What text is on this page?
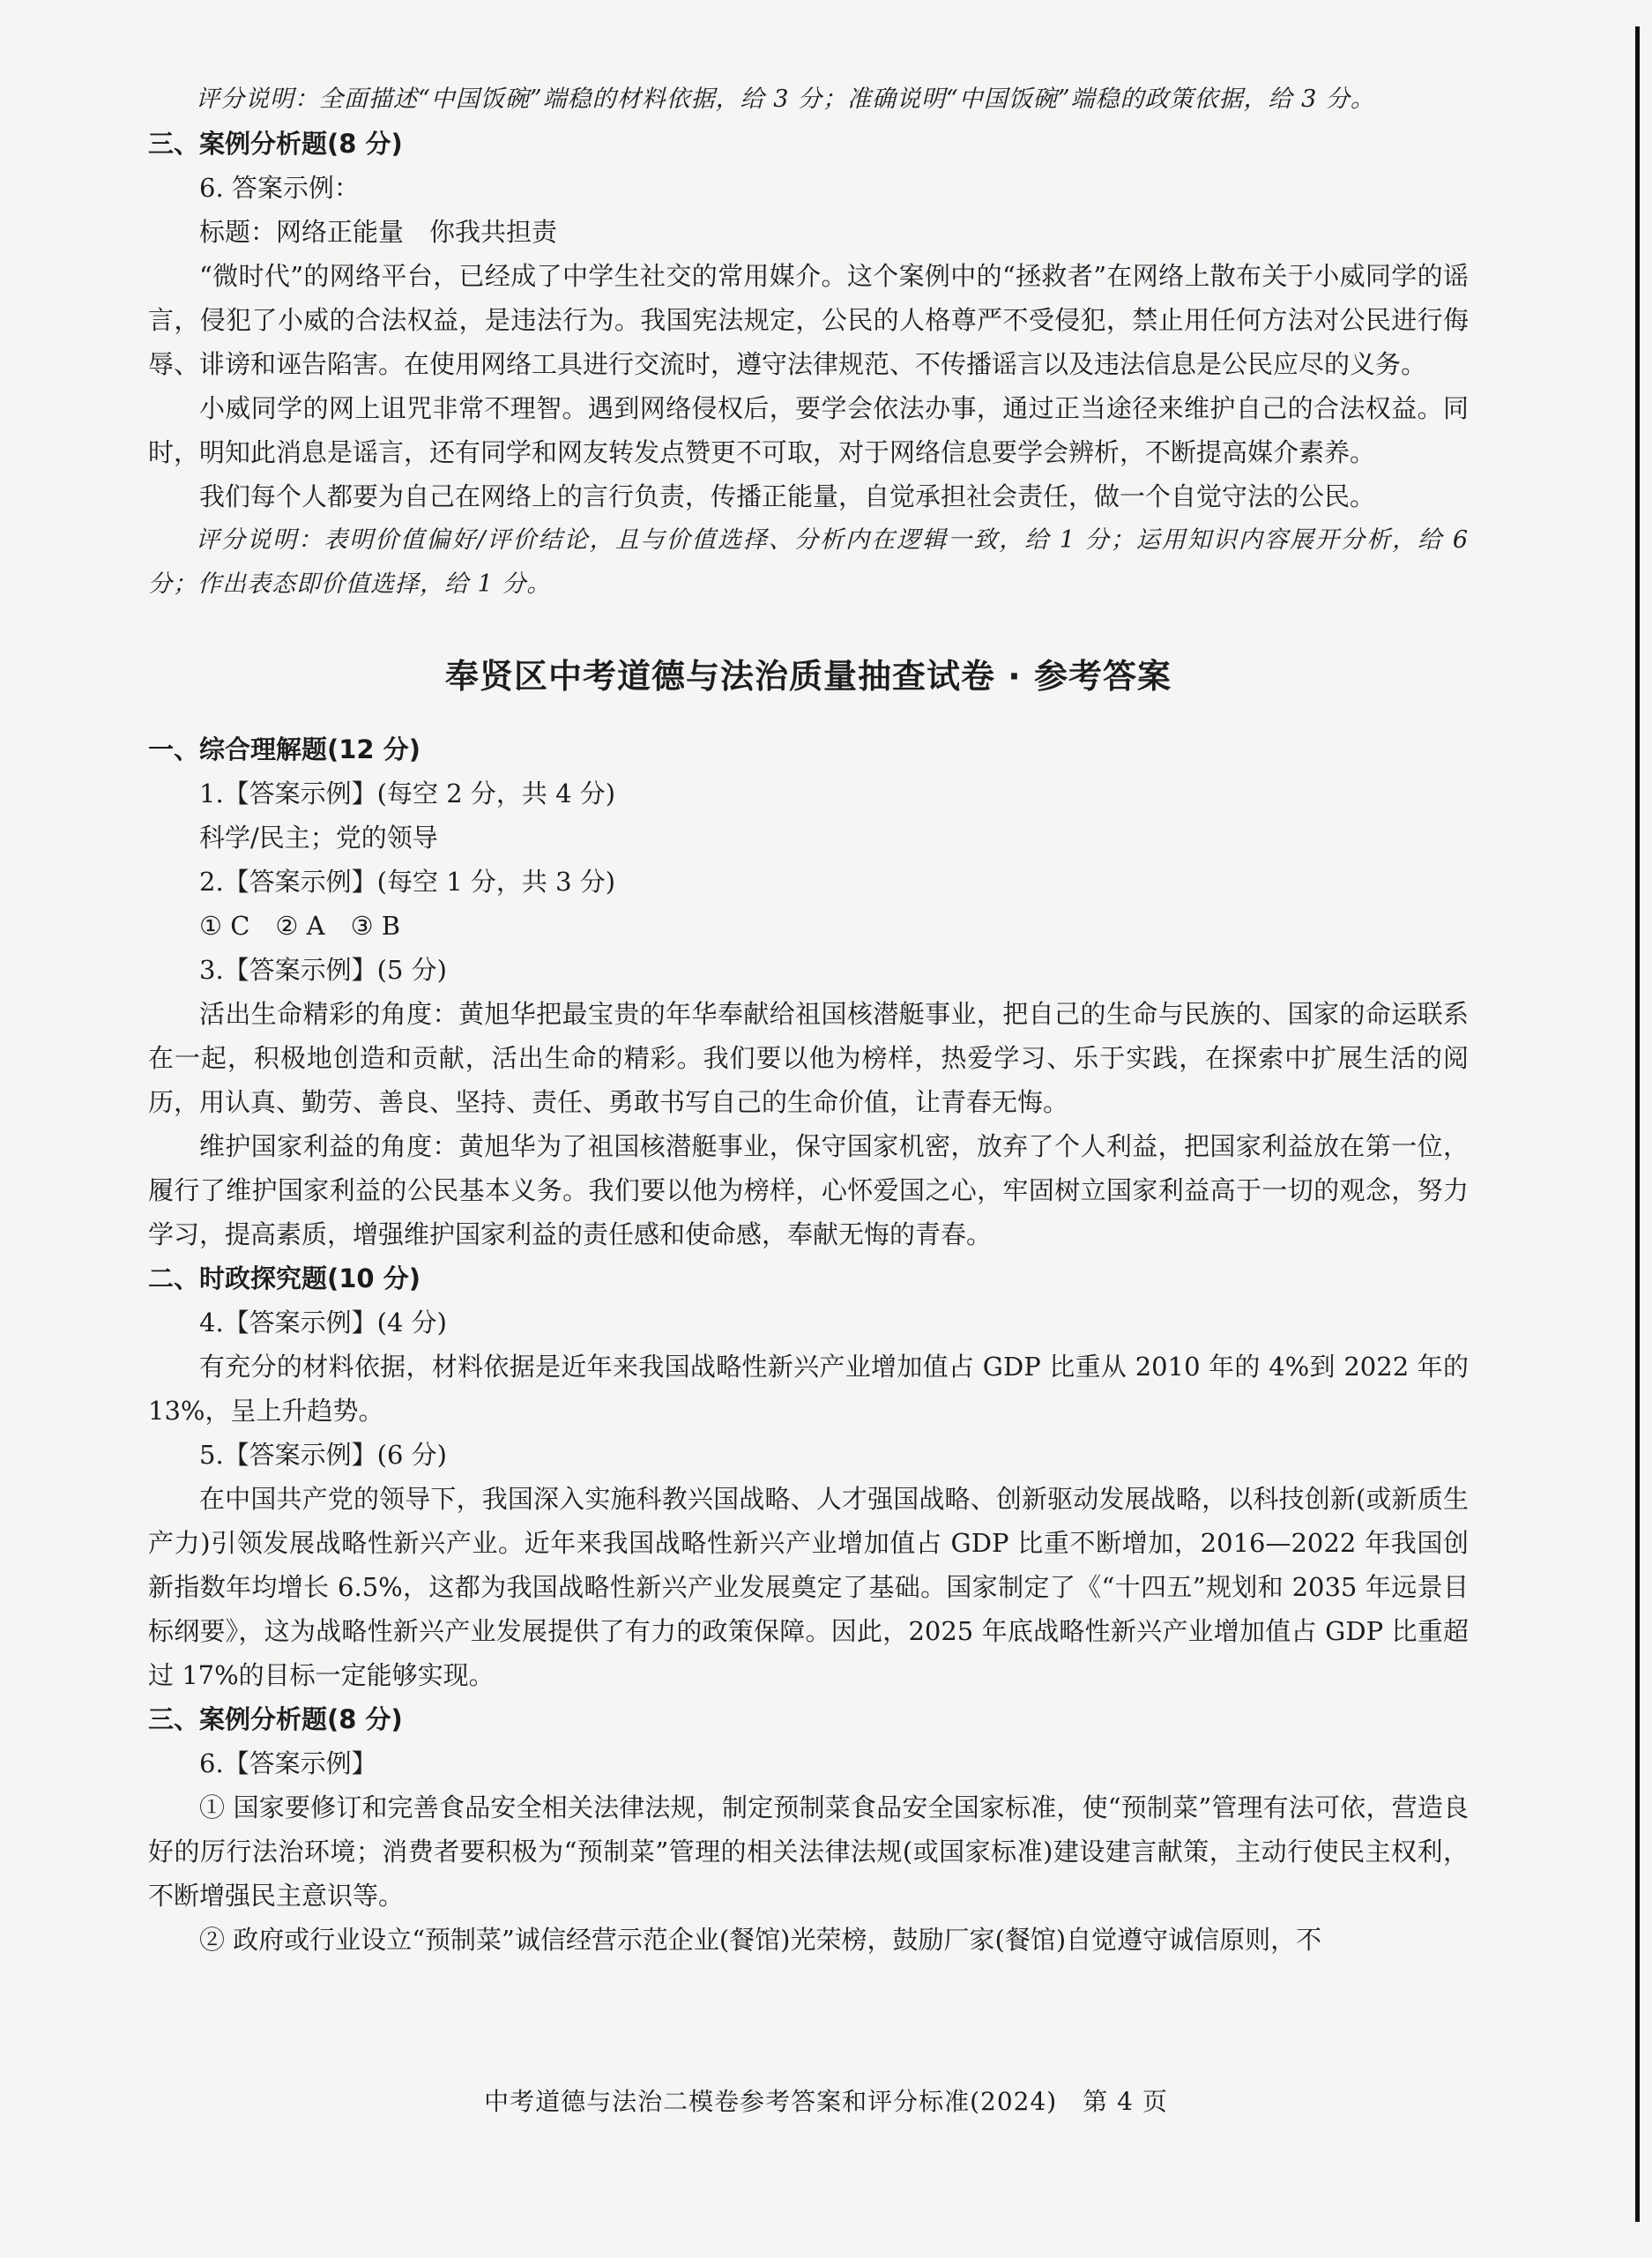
评分说明：全面描述“中国饭碗”端稳的材料依据，给 3 分；准确说明“中国饭碗”端稳的政策依据，给 3 分。

三、案例分析题(8 分)

6. 答案示例：

标题：网络正能量　你我共担责

“微时代”的网络平台，已经成了中学生社交的常用媒介。这个案例中的“拯救者”在网络上散布关于小威同学的谣言，侵犯了小威的合法权益，是违法行为。我国宪法规定，公民的人格尊严不受侵犯，禁止用任何方法对公民进行侮辱、诽谤和诬告陷害。在使用网络工具进行交流时，遵守法律规范、不传播谣言以及违法信息是公民应尽的义务。

小威同学的网上诅咒非常不理智。遇到网络侵权后，要学会依法办事，通过正当途径来维护自己的合法权益。同时，明知此消息是谣言，还有同学和网友转发点赞更不可取，对于网络信息要学会辨析，不断提高媒介素养。

我们每个人都要为自己在网络上的言行负责，传播正能量，自觉承担社会责任，做一个自觉守法的公民。

评分说明：表明价值偏好/评价结论，且与价值选择、分析内在逻辑一致，给 1 分；运用知识内容展开分析，给 6 分；作出表态即价值选择，给 1 分。

奉贤区中考道德与法治质量抽查试卷 · 参考答案

一、综合理解题(12 分)

1.【答案示例】(每空 2 分，共 4 分)

科学/民主；党的领导

2.【答案示例】(每空 1 分，共 3 分)

① C　② A　③ B

3.【答案示例】(5 分)

活出生命精彩的角度：黄旭华把最宝贵的年华奉献给祖国核潜艇事业，把自己的生命与民族的、国家的命运联系在一起，积极地创造和贡献，活出生命的精彩。我们要以他为榜样，热爱学习、乐于实践，在探索中扩展生活的阅历，用认真、勤劳、善良、坚持、责任、勇敢书写自己的生命价值，让青春无悔。

维护国家利益的角度：黄旭华为了祖国核潜艇事业，保守国家机密，放弃了个人利益，把国家利益放在第一位，履行了维护国家利益的公民基本义务。我们要以他为榜样，心怀爱国之心，牢固树立国家利益高于一切的观念，努力学习，提高素质，增强维护国家利益的责任感和使命感，奉献无悔的青春。

二、时政探究题(10 分)

4.【答案示例】(4 分)

有充分的材料依据，材料依据是近年来我国战略性新兴产业增加值占 GDP 比重从 2010 年的 4%到 2022 年的 13%，呈上升趋势。

5.【答案示例】(6 分)

在中国共产党的领导下，我国深入实施科教兴国战略、人才强国战略、创新驱动发展战略，以科技创新(或新质生产力)引领发展战略性新兴产业。近年来我国战略性新兴产业增加值占 GDP 比重不断增加，2016—2022 年我国创新指数年均增长 6.5%，这都为我国战略性新兴产业发展奠定了基础。国家制定了《“十四五”规划和 2035 年远景目标纲要》，这为战略性新兴产业发展提供了有力的政策保障。因此，2025 年底战略性新兴产业增加值占 GDP 比重超过 17%的目标一定能够实现。

三、案例分析题(8 分)

6.【答案示例】

① 国家要修订和完善食品安全相关法律法规，制定预制菜食品安全国家标准，使“预制菜”管理有法可依，营造良好的厉行法治环境；消费者要积极为“预制菜”管理的相关法律法规(或国家标准)建设建言献策，主动行使民主权利，不断增强民主意识等。

② 政府或行业设立“预制菜”诚信经营示范企业(餐馆)光荣榜，鼓励厂家(餐馆)自觉遵守诚信原则，不

中考道德与法治二模卷参考答案和评分标准(2024)　第 4 页
